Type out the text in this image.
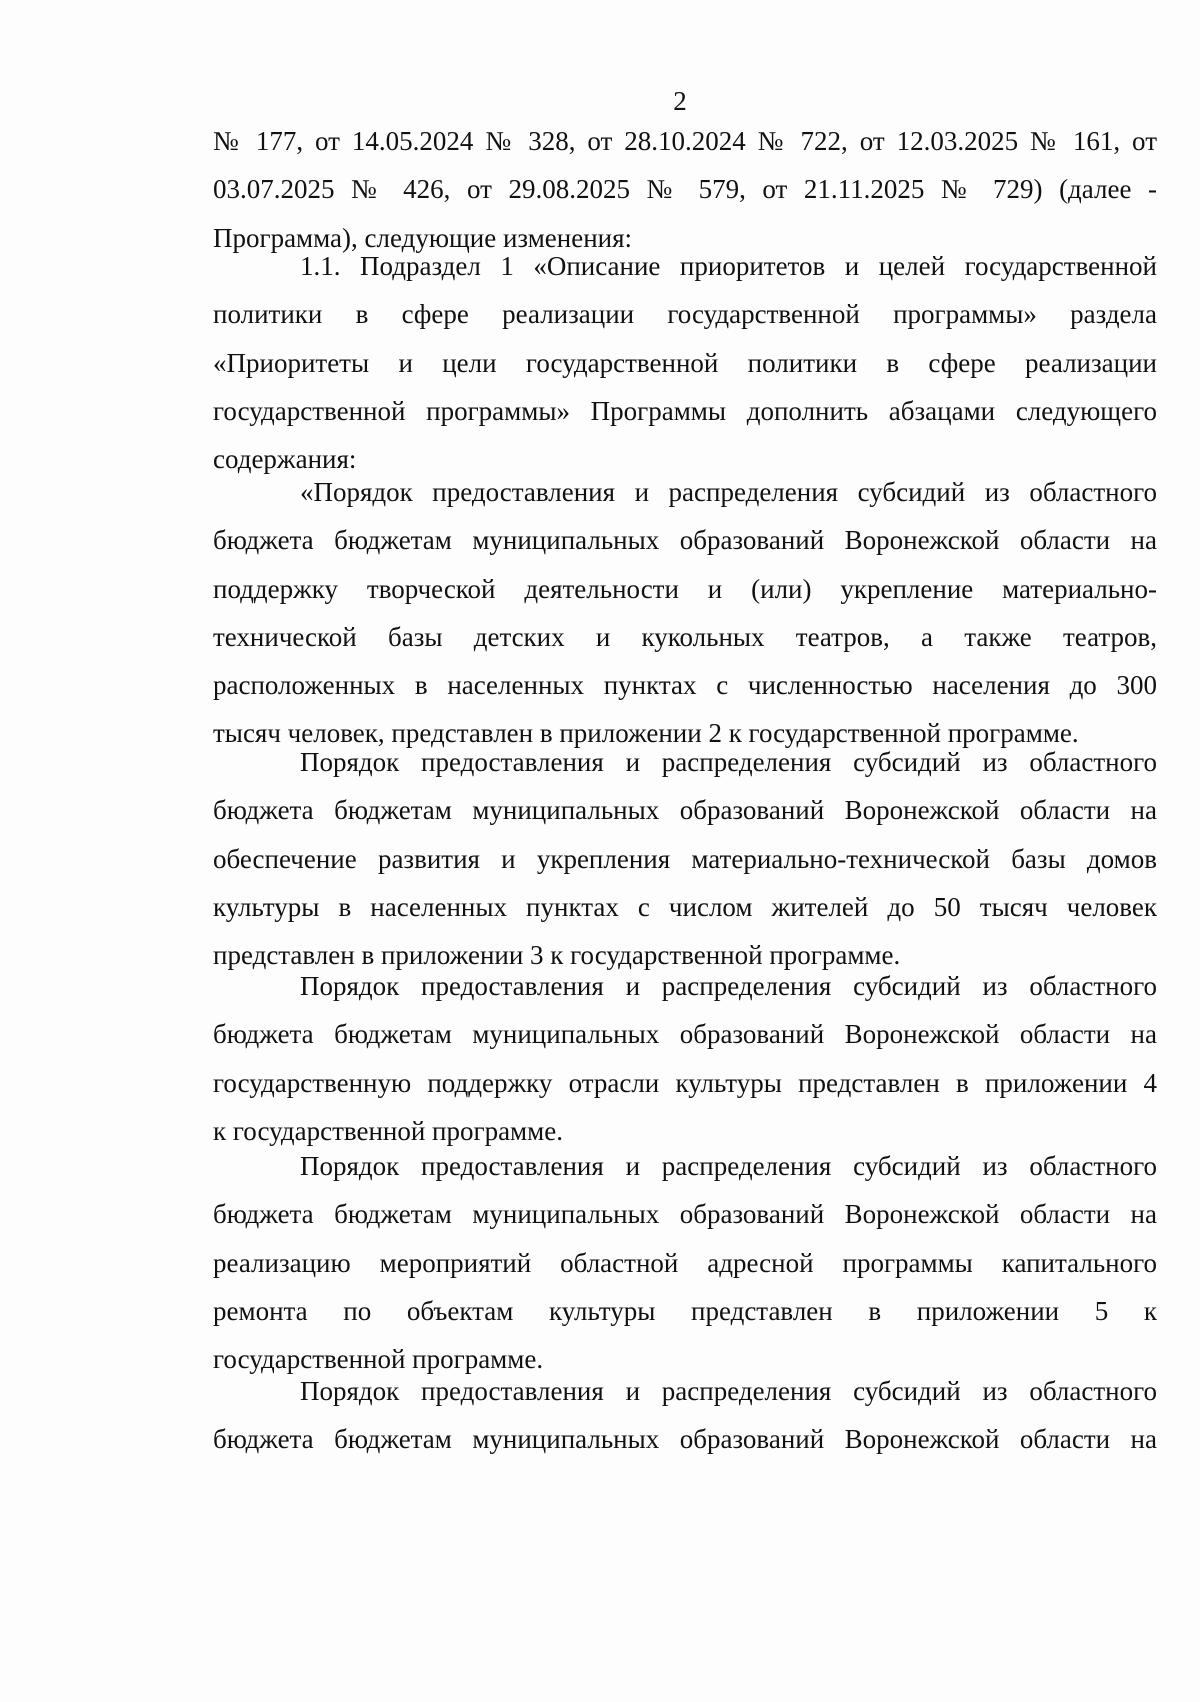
2
№ 177, от 14.05.2024 № 328, от 28.10.2024 № 722, от 12.03.2025 № 161, от
03.07.2025 № 426, от 29.08.2025 № 579, от 21.11.2025 № 729) (далее -
Программа), следующие изменения:
1.1. Подраздел 1 «Описание приоритетов и целей государственной
политики в сфере реализации государственной программы» раздела
«Приоритеты и цели государственной политики в сфере реализации
государственной программы» Программы дополнить абзацами следующего
содержания:
«Порядок предоставления и распределения субсидий из областного
бюджета бюджетам муниципальных образований Воронежской области на
поддержку творческой деятельности и (или) укрепление материально-
технической базы детских и кукольных театров, а также театров,
расположенных в населенных пунктах с численностью населения до 300
тысяч человек, представлен в приложении 2 к государственной программе.
Порядок предоставления и распределения субсидий из областного
бюджета бюджетам муниципальных образований Воронежской области на
обеспечение развития и укрепления материально-технической базы домов
культуры в населенных пунктах с числом жителей до 50 тысяч человек
представлен в приложении 3 к государственной программе.
Порядок предоставления и распределения субсидий из областного
бюджета бюджетам муниципальных образований Воронежской области на
государственную поддержку отрасли культуры представлен в приложении 4
к государственной программе.
Порядок предоставления и распределения субсидий из областного
бюджета бюджетам муниципальных образований Воронежской области на
реализацию мероприятий областной адресной программы капитального
ремонта по объектам культуры представлен в приложении 5 к
государственной программе.
Порядок предоставления и распределения субсидий из областного
бюджета бюджетам муниципальных образований Воронежской области на
